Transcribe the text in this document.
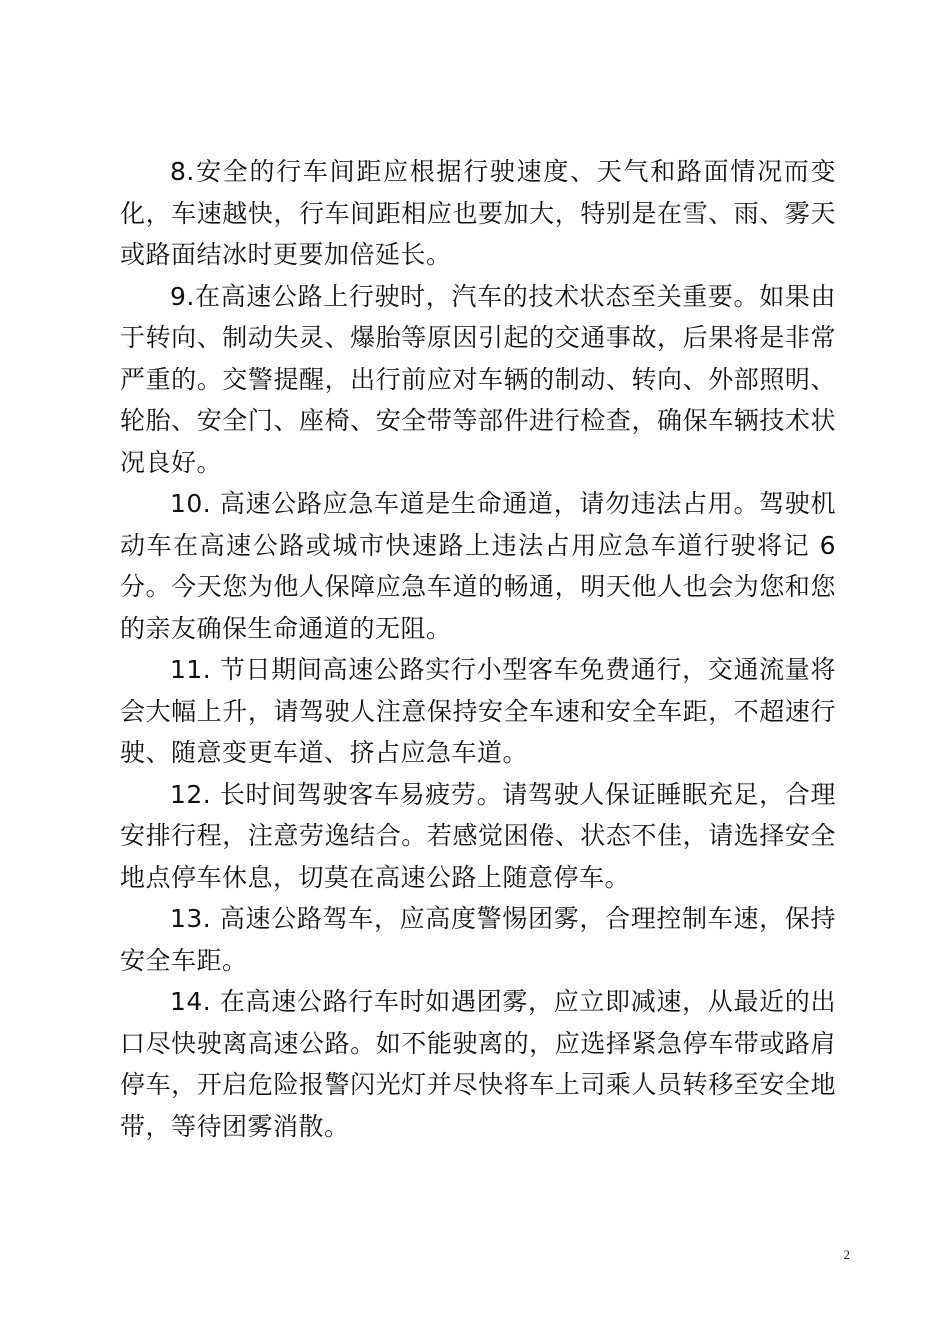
8.安全的行车间距应根据行驶速度、天气和路面情况而变化，车速越快，行车间距相应也要加大，特别是在雪、雨、雾天或路面结冰时更要加倍延长。

9.在高速公路上行驶时，汽车的技术状态至关重要。如果由于转向、制动失灵、爆胎等原因引起的交通事故，后果将是非常严重的。交警提醒，出行前应对车辆的制动、转向、外部照明、轮胎、安全门、座椅、安全带等部件进行检查，确保车辆技术状况良好。

10. 高速公路应急车道是生命通道，请勿违法占用。驾驶机动车在高速公路或城市快速路上违法占用应急车道行驶将记 6 分。今天您为他人保障应急车道的畅通，明天他人也会为您和您的亲友确保生命通道的无阻。

11. 节日期间高速公路实行小型客车免费通行，交通流量将会大幅上升，请驾驶人注意保持安全车速和安全车距，不超速行驶、随意变更车道、挤占应急车道。

12. 长时间驾驶客车易疲劳。请驾驶人保证睡眠充足，合理安排行程，注意劳逸结合。若感觉困倦、状态不佳，请选择安全地点停车休息，切莫在高速公路上随意停车。

13. 高速公路驾车，应高度警惕团雾，合理控制车速，保持安全车距。

14. 在高速公路行车时如遇团雾，应立即减速，从最近的出口尽快驶离高速公路。如不能驶离的，应选择紧急停车带或路肩停车，开启危险报警闪光灯并尽快将车上司乘人员转移至安全地带，等待团雾消散。

2
